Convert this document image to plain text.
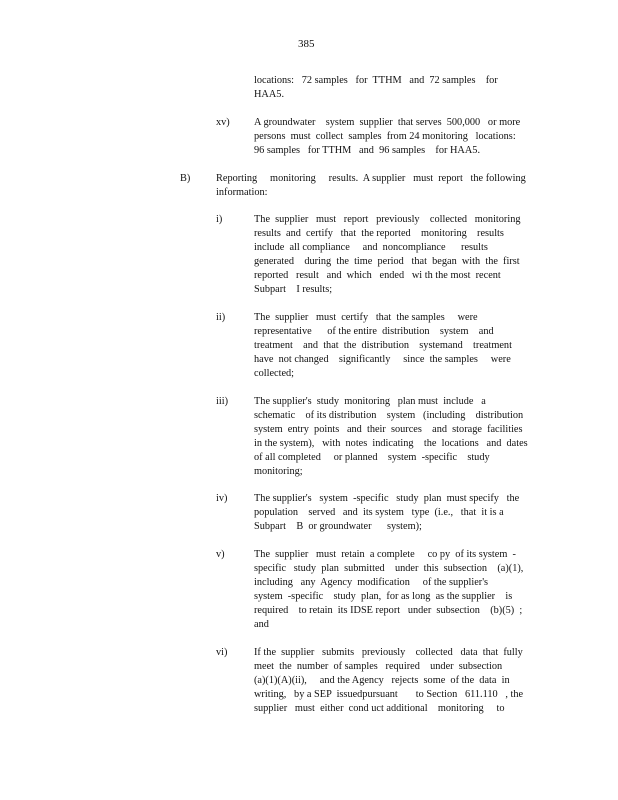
385
locations:   72 samples   for  TTHM   and  72 samples    for
HAA5.
xv) A groundwater    system  supplier  that serves  500,000   or more
persons  must  collect  samples  from 24 monitoring   locations:
96 samples   for TTHM   and  96 samples    for HAA5.
B) Reporting     monitoring     results.  A supplier   must  report   the following
information:
i)	The  supplier   must   report   previously    collected   monitoring
results  and  certify   that  the reported    monitoring    results
include  all compliance     and  noncompliance      results
generated    during  the  time  period   that  began  with  the  first
reported   result   and  which   ended   wi th the most  recent
Subpart    I results;
ii)	The  supplier   must  certify   that  the samples     were
representative      of the entire  distribution    system    and
treatment    and  that  the  distribution    systemand    treatment
have  not changed    significantly     since  the samples     were
collected;
iii)	The supplier's  study  monitoring   plan must  include   a
schematic    of its distribution    system   (including    distribution
system  entry  points   and  their  sources    and  storage  facilities
in the system),   with  notes  indicating    the  locations   and  dates
of all completed     or planned    system  -specific    study
monitoring;
iv)	The supplier's   system  -specific   study  plan  must specify   the
population    served   and  its system   type  (i.e.,   that  it is a
Subpart    B  or groundwater      system);
v)	The  supplier   must  retain  a complete     co py  of its system  -
specific   study  plan  submitted    under  this  subsection    (a)(1),
including   any  Agency  modification     of the supplier's
system  -specific    study  plan,  for as long  as the supplier    is
required    to retain  its IDSE report   under  subsection    (b)(5)  ;
and
vi)	If the  supplier   submits   previously    collected   data  that  fully
meet  the  number  of samples   required    under  subsection
(a)(1)(A)(ii),     and the Agency   rejects  some  of the  data  in
writing,   by a SEP  issuedpursuant       to Section   611.110   , the
supplier   must  either  cond uct additional    monitoring     to
